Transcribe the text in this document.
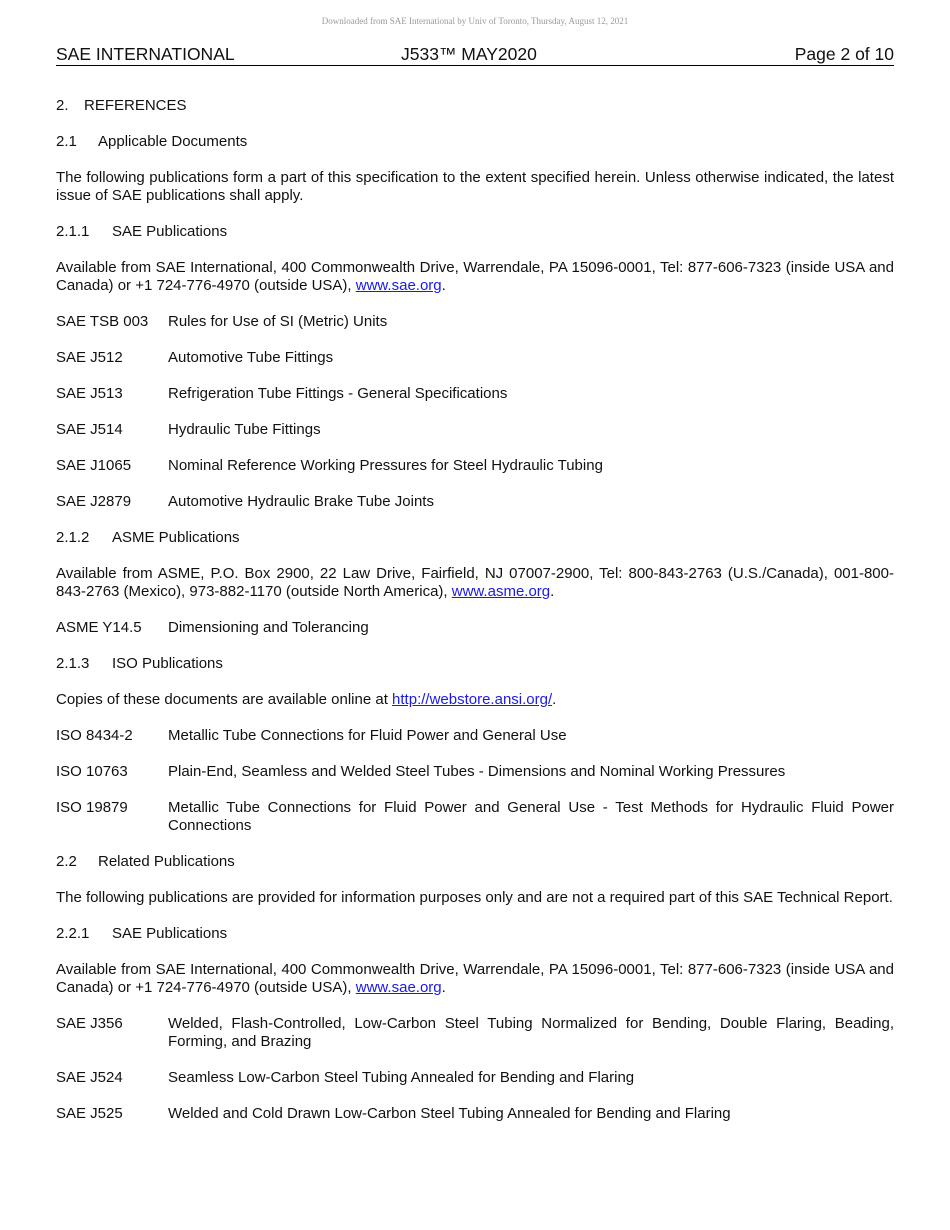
Downloaded from SAE International by Univ of Toronto, Thursday, August 12, 2021
SAE INTERNATIONAL	J533™ MAY2020	Page 2 of 10
2. REFERENCES
2.1 Applicable Documents

The following publications form a part of this specification to the extent specified herein. Unless otherwise indicated, the latest issue of SAE publications shall apply.

2.1.1 SAE Publications

Available from SAE International, 400 Commonwealth Drive, Warrendale, PA 15096-0001, Tel: 877-606-7323 (inside USA and Canada) or +1 724-776-4970 (outside USA), www.sae.org.

SAE TSB 003	Rules for Use of SI (Metric) Units
SAE J512	Automotive Tube Fittings
SAE J513	Refrigeration Tube Fittings - General Specifications
SAE J514	Hydraulic Tube Fittings
SAE J1065	Nominal Reference Working Pressures for Steel Hydraulic Tubing
SAE J2879	Automotive Hydraulic Brake Tube Joints
2.1.2 ASME Publications

Available from ASME, P.O. Box 2900, 22 Law Drive, Fairfield, NJ 07007-2900, Tel: 800-843-2763 (U.S./Canada), 001-800-843-2763 (Mexico), 973-882-1170 (outside North America), www.asme.org.

ASME Y14.5	Dimensioning and Tolerancing
2.1.3 ISO Publications

Copies of these documents are available online at http://webstore.ansi.org/.

ISO 8434-2	Metallic Tube Connections for Fluid Power and General Use
ISO 10763	Plain-End, Seamless and Welded Steel Tubes - Dimensions and Nominal Working Pressures
ISO 19879	Metallic Tube Connections for Fluid Power and General Use - Test Methods for Hydraulic Fluid Power Connections
2.2 Related Publications

The following publications are provided for information purposes only and are not a required part of this SAE Technical Report.

2.2.1 SAE Publications

Available from SAE International, 400 Commonwealth Drive, Warrendale, PA 15096-0001, Tel: 877-606-7323 (inside USA and Canada) or +1 724-776-4970 (outside USA), www.sae.org.

SAE J356	Welded, Flash-Controlled, Low-Carbon Steel Tubing Normalized for Bending, Double Flaring, Beading, Forming, and Brazing
SAE J524	Seamless Low-Carbon Steel Tubing Annealed for Bending and Flaring
SAE J525	Welded and Cold Drawn Low-Carbon Steel Tubing Annealed for Bending and Flaring
